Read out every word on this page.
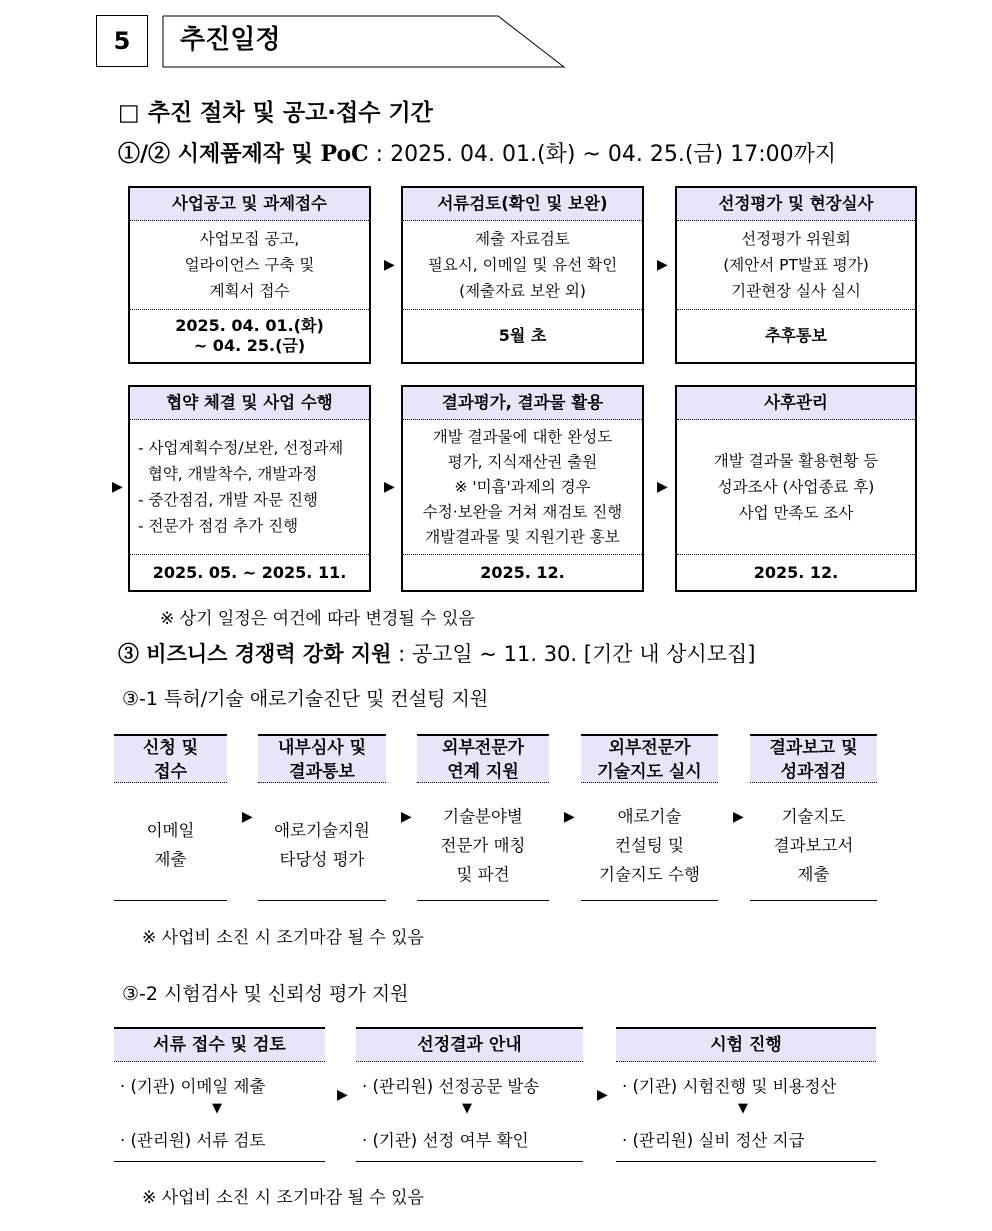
5	추진일정
□ 추진 절차 및 공고·접수 기간
①/② 시제품제작 및 PoC : 2025. 04. 01.(화) ~ 04. 25.(금) 17:00까지
사업공고 및 과제접수
사업모집 공고,
얼라이언스 구축 및
계획서 접수
2025. 04. 01.(화)
~ 04. 25.(금)
▶
서류검토(확인 및 보완)
제출 자료검토
필요시, 이메일 및 유선 확인
(제출자료 보완 외)
5월 초
▶
선정평가 및 현장실사
선정평가 위원회
(제안서 PT발표 평가)
기관현장 실사 실시
추후통보
▶
협약 체결 및 사업 수행
- 사업계획수정/보완, 선정과제
협약, 개발착수, 개발과정
- 중간점검, 개발 자문 진행
- 전문가 점검 추가 진행
2025. 05. ~ 2025. 11.
▶
결과평가, 결과물 활용
개발 결과물에 대한 완성도
평가, 지식재산권 출원
※ '미흡'과제의 경우
수정·보완을 거쳐 재검토 진행
개발결과물 및 지원기관 홍보
2025. 12.
▶
사후관리
개발 결과물 활용현황 등
성과조사 (사업종료 후)
사업 만족도 조사
2025. 12.
※ 상기 일정은 여건에 따라 변경될 수 있음
③ 비즈니스 경쟁력 강화 지원 : 공고일 ~ 11. 30. [기간 내 상시모집]
③-1 특허/기술 애로기술진단 및 컨설팅 지원
신청 및
접수
이메일
제출
▶
내부심사 및
결과통보
애로기술지원
타당성 평가
▶
외부전문가
연계 지원
기술분야별
전문가 매칭
및 파견
▶
외부전문가
기술지도 실시
애로기술
컨설팅 및
기술지도 수행
▶
결과보고 및
성과점검
기술지도
결과보고서
제출
※ 사업비 소진 시 조기마감 될 수 있음
③-2 시험검사 및 신뢰성 평가 지원
서류 접수 및 검토
· (기관) 이메일 제출
▼
· (관리원) 서류 검토
▶
선정결과 안내
· (관리원) 선정공문 발송
▼
· (기관) 선정 여부 확인
▶
시험 진행
· (기관) 시험진행 및 비용정산
▼
· (관리원) 실비 정산 지급
※ 사업비 소진 시 조기마감 될 수 있음
